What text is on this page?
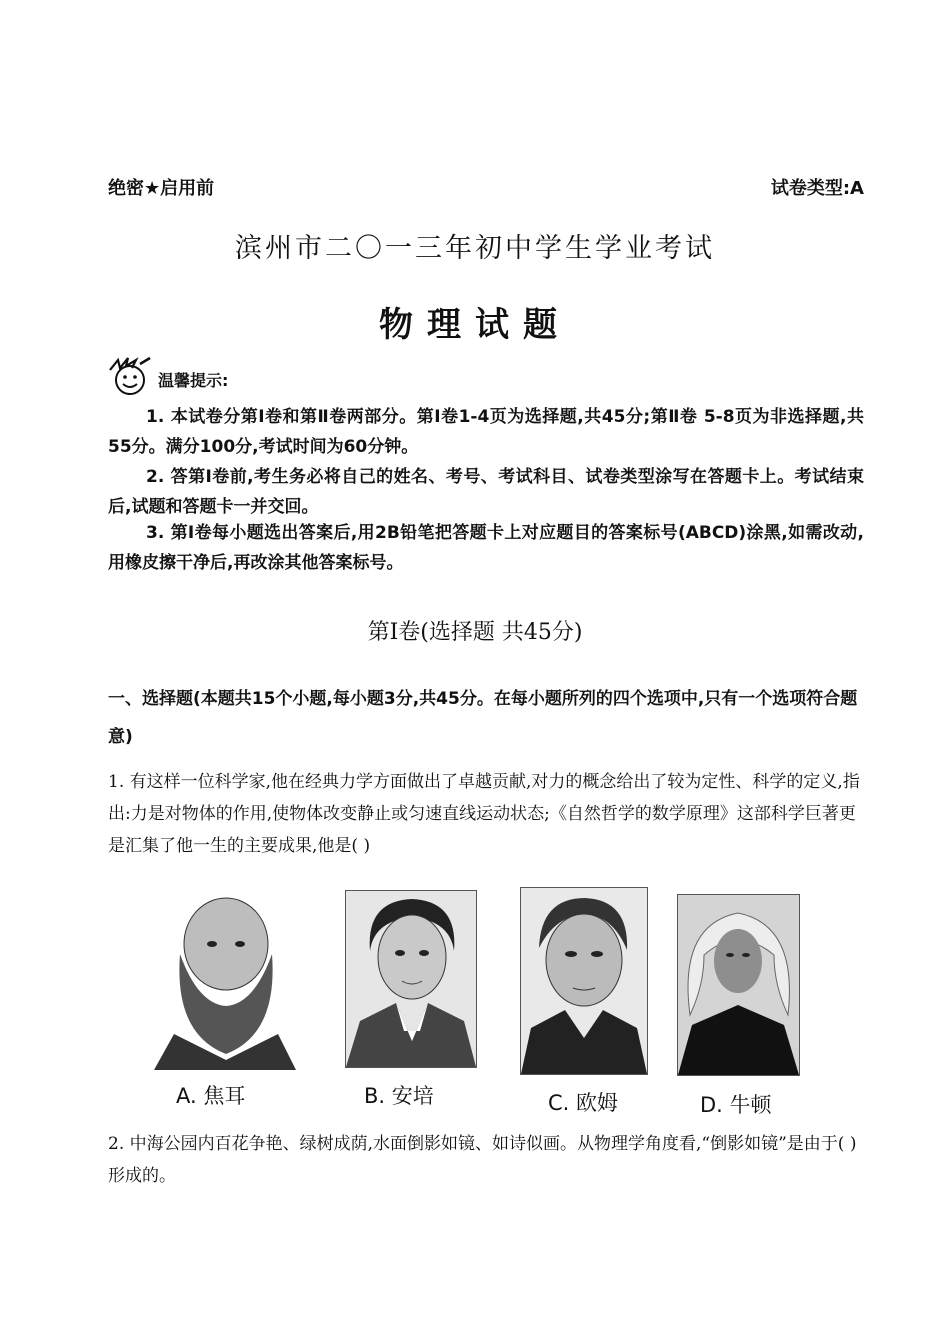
绝密★启用前	试卷类型:A
滨州市二〇一三年初中学生学业考试
物理试题
温馨提示:
1. 本试卷分第Ⅰ卷和第Ⅱ卷两部分。第Ⅰ卷1-4页为选择题,共45分;第Ⅱ卷 5-8页为非选择题,共55分。满分100分,考试时间为60分钟。
2. 答第Ⅰ卷前,考生务必将自己的姓名、考号、考试科目、试卷类型涂写在答题卡上。考试结束后,试题和答题卡一并交回。
3. 第Ⅰ卷每小题选出答案后,用2B铅笔把答题卡上对应题目的答案标号(ABCD)涂黑,如需改动,用橡皮擦干净后,再改涂其他答案标号。
第Ⅰ卷(选择题 共45分)
一、选择题(本题共15个小题,每小题3分,共45分。在每小题所列的四个选项中,只有一个选项符合题意)
1. 有这样一位科学家,他在经典力学方面做出了卓越贡献,对力的概念给出了较为定性、科学的定义,指出:力是对物体的作用,使物体改变静止或匀速直线运动状态;《自然哲学的数学原理》这部科学巨著更是汇集了他一生的主要成果,他是( )
A. 焦耳	B. 安培	C. 欧姆	D. 牛顿
2. 中海公园内百花争艳、绿树成荫,水面倒影如镜、如诗似画。从物理学角度看,“倒影如镜”是由于( )形成的。
